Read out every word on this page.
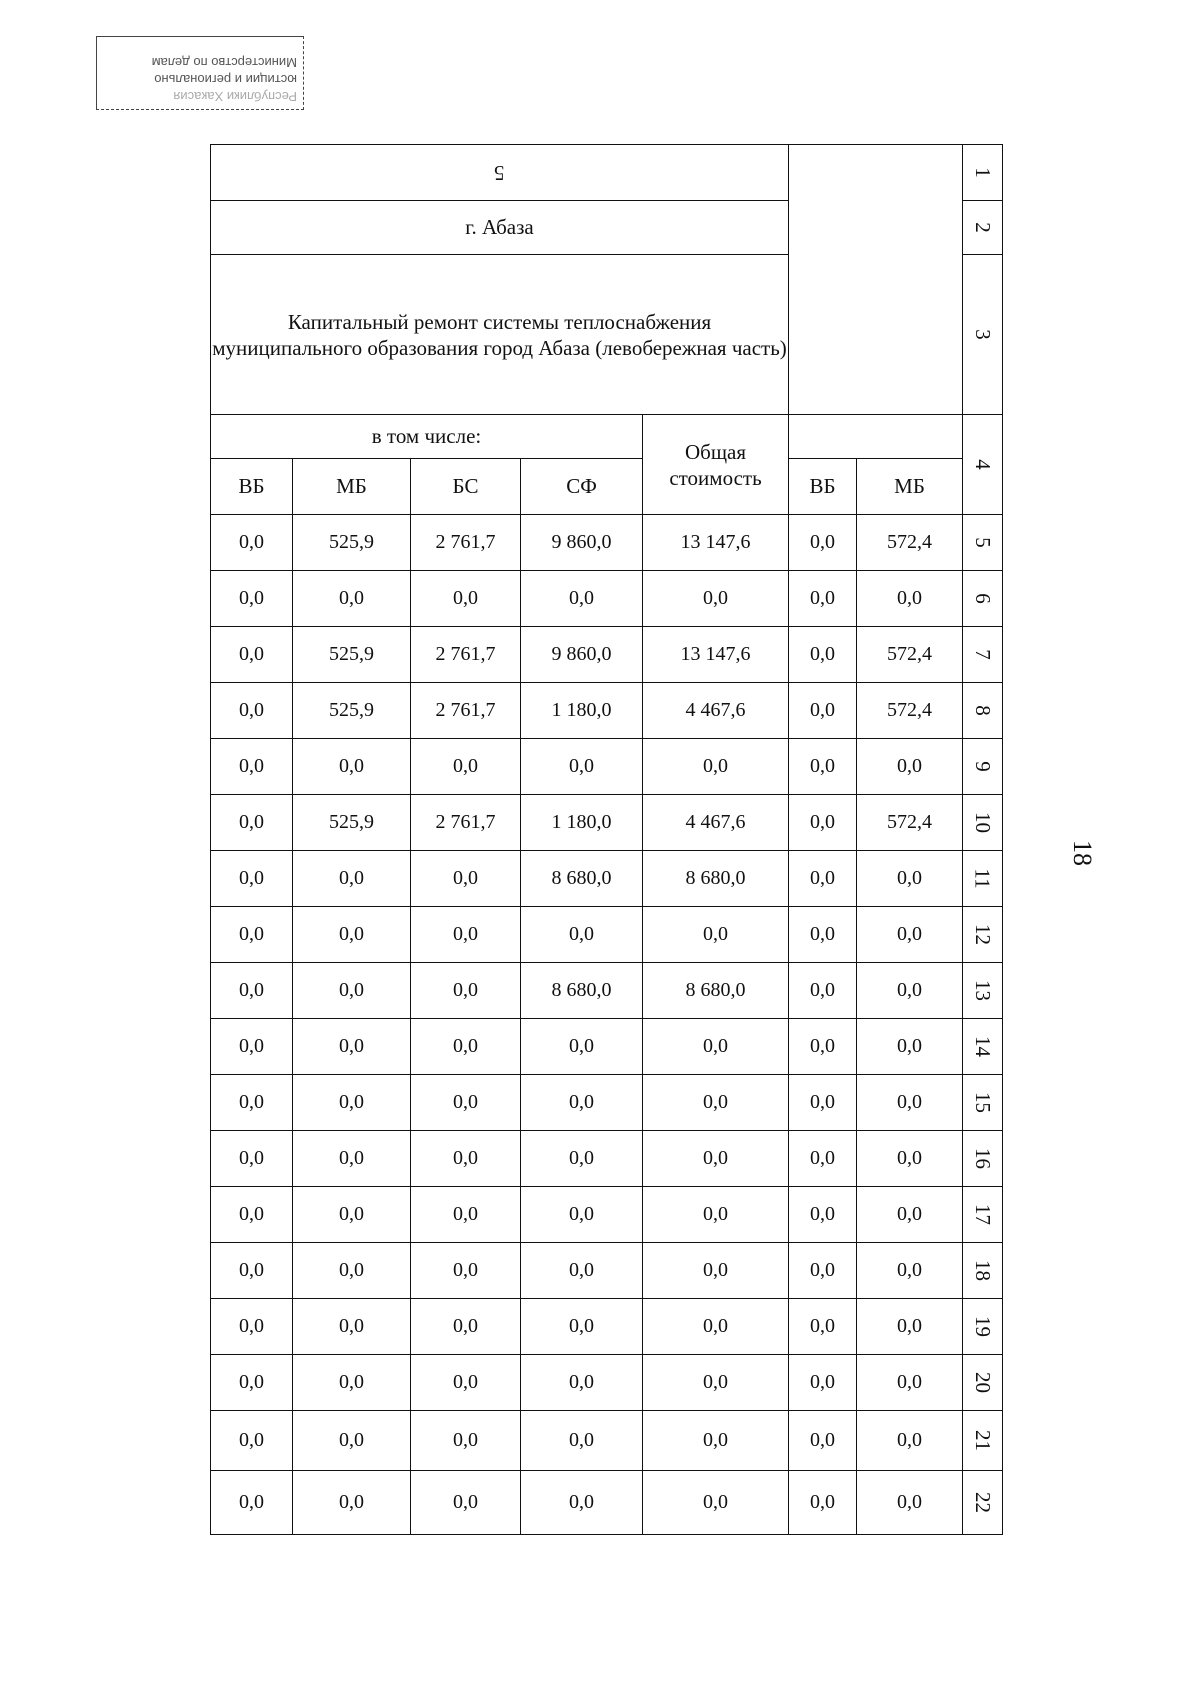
Республики Хакасия
юстиции и регионально
Министерство по делам
18
5							1
г. Абаза							2
Капитальный ремонт системы теплоснабжения муниципального образования город Абаза (левобережная часть)							3
в том числе:				Общая стоимость			4
ВБ	МБ	БС	СФ		ВБ	МБ	
0,0	525,9	2 761,7	9 860,0	13 147,6	0,0	572,4	5
0,0	0,0	0,0	0,0	0,0	0,0	0,0	6
0,0	525,9	2 761,7	9 860,0	13 147,6	0,0	572,4	7
0,0	525,9	2 761,7	1 180,0	4 467,6	0,0	572,4	8
0,0	0,0	0,0	0,0	0,0	0,0	0,0	9
0,0	525,9	2 761,7	1 180,0	4 467,6	0,0	572,4	10
0,0	0,0	0,0	8 680,0	8 680,0	0,0	0,0	11
0,0	0,0	0,0	0,0	0,0	0,0	0,0	12
0,0	0,0	0,0	8 680,0	8 680,0	0,0	0,0	13
0,0	0,0	0,0	0,0	0,0	0,0	0,0	14
0,0	0,0	0,0	0,0	0,0	0,0	0,0	15
0,0	0,0	0,0	0,0	0,0	0,0	0,0	16
0,0	0,0	0,0	0,0	0,0	0,0	0,0	17
0,0	0,0	0,0	0,0	0,0	0,0	0,0	18
0,0	0,0	0,0	0,0	0,0	0,0	0,0	19
0,0	0,0	0,0	0,0	0,0	0,0	0,0	20
0,0	0,0	0,0	0,0	0,0	0,0	0,0	21
0,0	0,0	0,0	0,0	0,0	0,0	0,0	22
